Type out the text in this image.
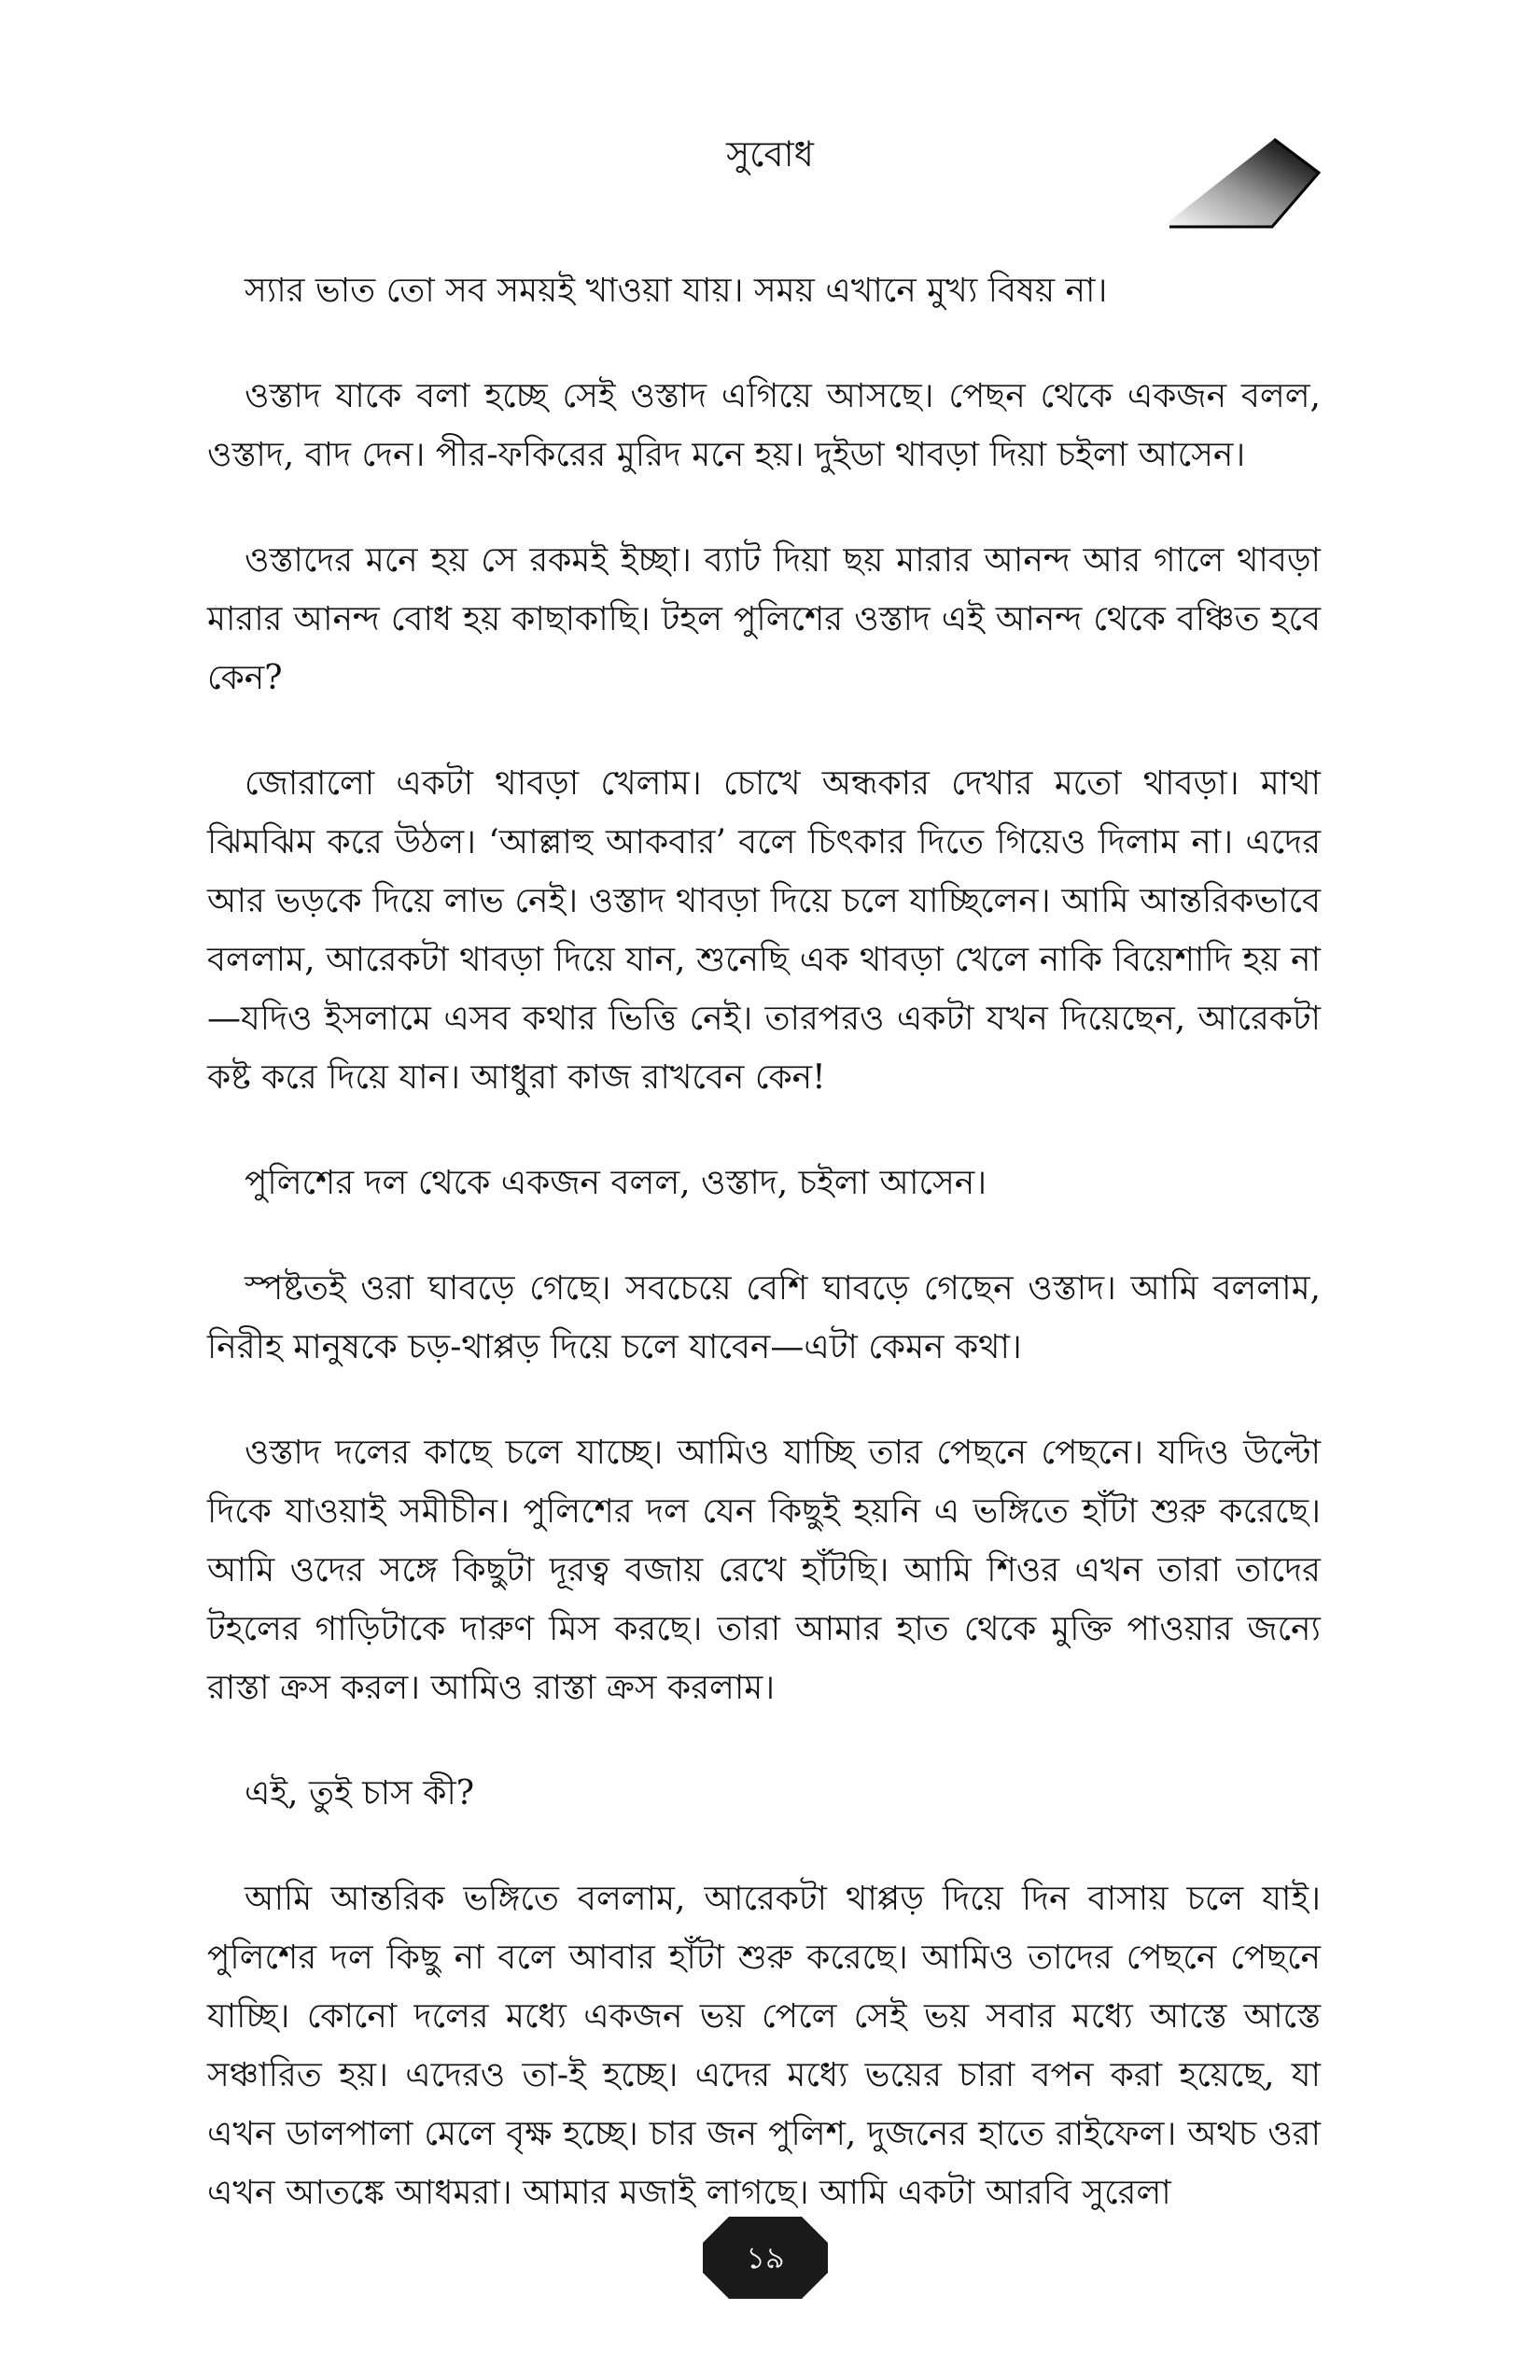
সুবোধ

স্যার ভাত তো সব সময়ই খাওয়া যায়। সময় এখানে মুখ্য বিষয় না।

ওস্তাদ যাকে বলা হচ্ছে সেই ওস্তাদ এগিয়ে আসছে। পেছন থেকে একজন বলল, ওস্তাদ, বাদ দেন। পীর-ফকিরের মুরিদ মনে হয়। দুইডা থাবড়া দিয়া চইলা আসেন।

ওস্তাদের মনে হয় সে রকমই ইচ্ছা। ব্যাট দিয়া ছয় মারার আনন্দ আর গালে থাবড়া মারার আনন্দ বোধ হয় কাছাকাছি। টহল পুলিশের ওস্তাদ এই আনন্দ থেকে বঞ্চিত হবে কেন?

জোরালো একটা থাবড়া খেলাম। চোখে অন্ধকার দেখার মতো থাবড়া। মাথা ঝিমঝিম করে উঠল। ‘আল্লাহু আকবার’ বলে চিৎকার দিতে গিয়েও দিলাম না। এদের আর ভড়কে দিয়ে লাভ নেই। ওস্তাদ থাবড়া দিয়ে চলে যাচ্ছিলেন। আমি আন্তরিকভাবে বললাম, আরেকটা থাবড়া দিয়ে যান, শুনেছি এক থাবড়া খেলে নাকি বিয়েশাদি হয় না—যদিও ইসলামে এসব কথার ভিত্তি নেই। তারপরও একটা যখন দিয়েছেন, আরেকটা কষ্ট করে দিয়ে যান। আধুরা কাজ রাখবেন কেন!

পুলিশের দল থেকে একজন বলল, ওস্তাদ, চইলা আসেন।

স্পষ্টতই ওরা ঘাবড়ে গেছে। সবচেয়ে বেশি ঘাবড়ে গেছেন ওস্তাদ। আমি বললাম, নিরীহ মানুষকে চড়-থাপ্পড় দিয়ে চলে যাবেন—এটা কেমন কথা।

ওস্তাদ দলের কাছে চলে যাচ্ছে। আমিও যাচ্ছি তার পেছনে পেছনে। যদিও উল্টো দিকে যাওয়াই সমীচীন। পুলিশের দল যেন কিছুই হয়নি এ ভঙ্গিতে হাঁটা শুরু করেছে। আমি ওদের সঙ্গে কিছুটা দূরত্ব বজায় রেখে হাঁটছি। আমি শিওর এখন তারা তাদের টহলের গাড়িটাকে দারুণ মিস করছে। তারা আমার হাত থেকে মুক্তি পাওয়ার জন্যে রাস্তা ক্রস করল। আমিও রাস্তা ক্রস করলাম।

এই, তুই চাস কী?

আমি আন্তরিক ভঙ্গিতে বললাম, আরেকটা থাপ্পড় দিয়ে দিন বাসায় চলে যাই। পুলিশের দল কিছু না বলে আবার হাঁটা শুরু করেছে। আমিও তাদের পেছনে পেছনে যাচ্ছি। কোনো দলের মধ্যে একজন ভয় পেলে সেই ভয় সবার মধ্যে আস্তে আস্তে সঞ্চারিত হয়। এদেরও তা-ই হচ্ছে। এদের মধ্যে ভয়ের চারা বপন করা হয়েছে, যা এখন ডালপালা মেলে বৃক্ষ হচ্ছে। চার জন পুলিশ, দুজনের হাতে রাইফেল। অথচ ওরা এখন আতঙ্কে আধমরা। আমার মজাই লাগছে। আমি একটা আরবি সুরেলা

১৯
